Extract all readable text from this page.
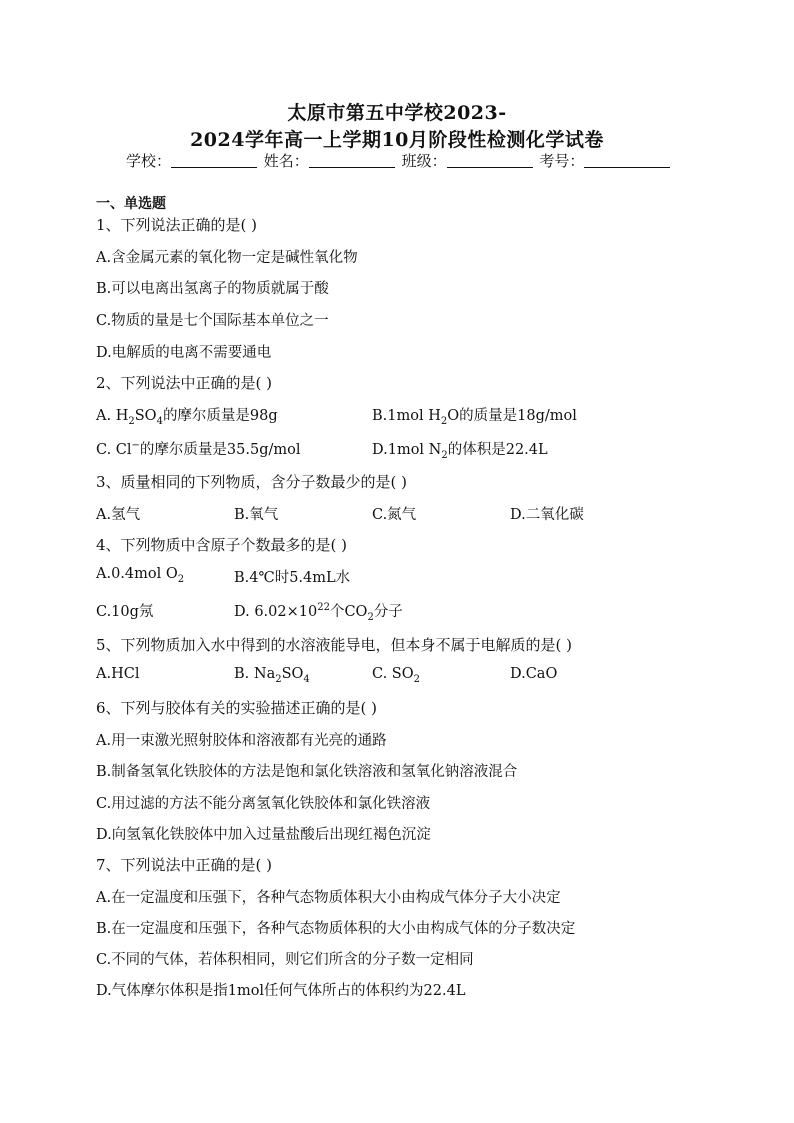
太原市第五中学校2023-
2024学年高一上学期10月阶段性检测化学试卷
学校：	姓名：	班级：	考号：
一、单选题
1、下列说法正确的是( )
A.含金属元素的氧化物一定是碱性氧化物
B.可以电离出氢离子的物质就属于酸
C.物质的量是七个国际基本单位之一
D.电解质的电离不需要通电
2、下列说法中正确的是( )
A. $H_2SO_4$的摩尔质量是98g	B.1mol $H_2O$的质量是18g/mol
C. Cl−的摩尔质量是35.5g/mol	D.1mol $N_2$的体积是22.4L
3、质量相同的下列物质，含分子数最少的是( )
A.氢气	B.氧气	C.氮气	D.二氧化碳
4、下列物质中含原子个数最多的是( )
A.0.4mol $O_2$	B.4℃时5.4mL水
C.10g氖	D. $6.02\times 10^{22}$个$CO_2$分子
5、下列物质加入水中得到的水溶液能导电，但本身不属于电解质的是( )
A.HCl	B. $Na_2SO_4$	C. $SO_2$	D.CaO
6、下列与胶体有关的实验描述正确的是( )
A.用一束激光照射胶体和溶液都有光亮的通路
B.制备氢氧化铁胶体的方法是饱和氯化铁溶液和氢氧化钠溶液混合
C.用过滤的方法不能分离氢氧化铁胶体和氯化铁溶液
D.向氢氧化铁胶体中加入过量盐酸后出现红褐色沉淀
7、下列说法中正确的是( )
A.在一定温度和压强下，各种气态物质体积大小由构成气体分子大小决定
B.在一定温度和压强下，各种气态物质体积的大小由构成气体的分子数决定
C.不同的气体，若体积相同，则它们所含的分子数一定相同
D.气体摩尔体积是指1mol任何气体所占的体积约为22.4L
